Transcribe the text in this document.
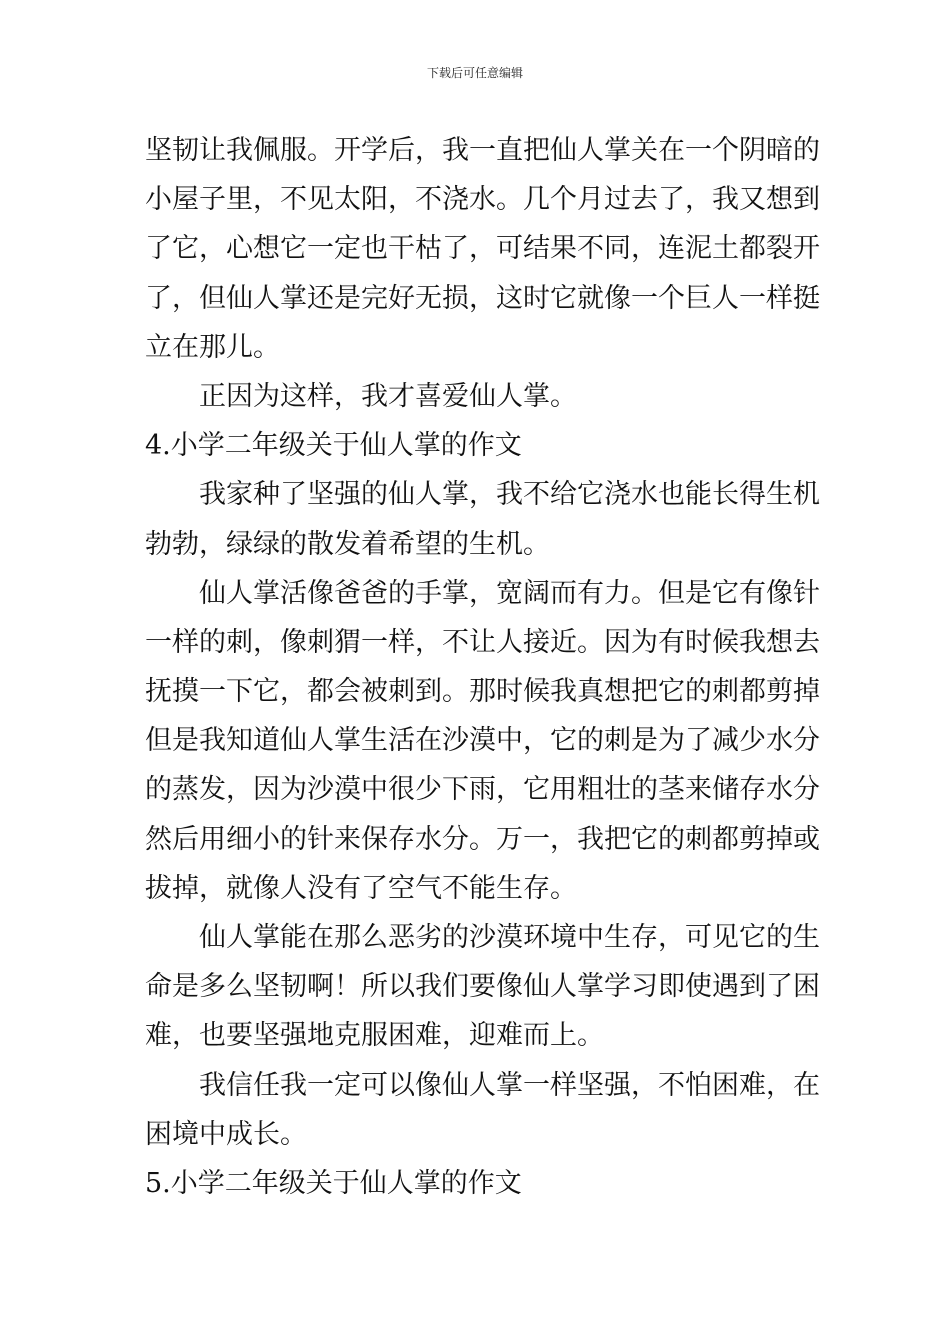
下载后可任意编辑
坚韧让我佩服。开学后，我一直把仙人掌关在一个阴暗的
小屋子里，不见太阳，不浇水。几个月过去了，我又想到
了它，心想它一定也干枯了，可结果不同，连泥土都裂开
了，但仙人掌还是完好无损，这时它就像一个巨人一样挺
立在那儿。
正因为这样，我才喜爱仙人掌。
4.小学二年级关于仙人掌的作文
我家种了坚强的仙人掌，我不给它浇水也能长得生机
勃勃，绿绿的散发着希望的生机。
仙人掌活像爸爸的手掌，宽阔而有力。但是它有像针
一样的刺，像刺猬一样，不让人接近。因为有时候我想去
抚摸一下它，都会被刺到。那时候我真想把它的刺都剪掉
但是我知道仙人掌生活在沙漠中，它的刺是为了减少水分
的蒸发，因为沙漠中很少下雨，它用粗壮的茎来储存水分
然后用细小的针来保存水分。万一，我把它的刺都剪掉或
拔掉，就像人没有了空气不能生存。
仙人掌能在那么恶劣的沙漠环境中生存，可见它的生
命是多么坚韧啊！所以我们要像仙人掌学习即使遇到了困
难，也要坚强地克服困难，迎难而上。
我信任我一定可以像仙人掌一样坚强，不怕困难，在
困境中成长。
5.小学二年级关于仙人掌的作文
